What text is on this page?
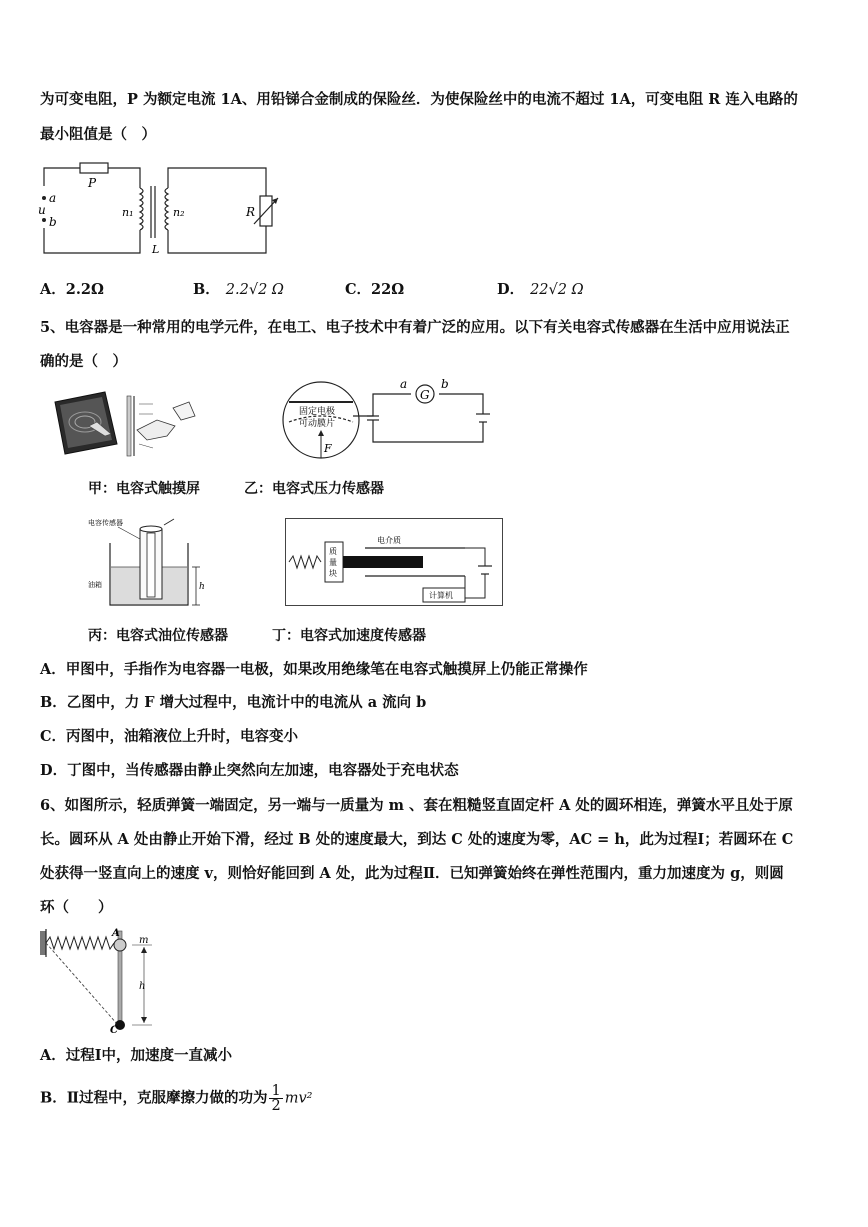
为可变电阻，P 为额定电流 1A、用铅锑合金制成的保险丝．为使保险丝中的电流不超过 1A，可变电阻 R 连入电路的
最小阻值是（　）
P
a
u
b
n₁	n₂	R
L
A．2.2Ω	B． 2.2√2 Ω	C．22Ω	D． 22√2 Ω
5、电容器是一种常用的电学元件，在电工、电子技术中有着广泛的应用。以下有关电容式传感器在生活中应用说法正
确的是（　）
固定电极
可动膜片
F
G
a	b
甲：电容式触摸屏	乙：电容式压力传感器
电容传感器
油箱	h
质
量
块
电介质
计算机
丙：电容式油位传感器	丁：电容式加速度传感器
A．甲图中，手指作为电容器一电极，如果改用绝缘笔在电容式触摸屏上仍能正常操作
B．乙图中，力 F 增大过程中，电流计中的电流从 a 流向 b
C．丙图中，油箱液位上升时，电容变小
D．丁图中，当传感器由静止突然向左加速，电容器处于充电状态
6、如图所示，轻质弹簧一端固定，另一端与一质量为 m 、套在粗糙竖直固定杆 A 处的圆环相连，弹簧水平且处于原
长。圆环从 A 处由静止开始下滑，经过 B 处的速度最大，到达 C 处的速度为零，AC = h，此为过程Ⅰ；若圆环在 C
处获得一竖直向上的速度 v，则恰好能回到 A 处，此为过程Ⅱ．已知弹簧始终在弹性范围内，重力加速度为 g，则圆
环（　　）
A
C
m
h
A．过程Ⅰ中，加速度一直减小
B．Ⅱ过程中，克服摩擦力做的功为 $\frac{1}{2} mv^2$
